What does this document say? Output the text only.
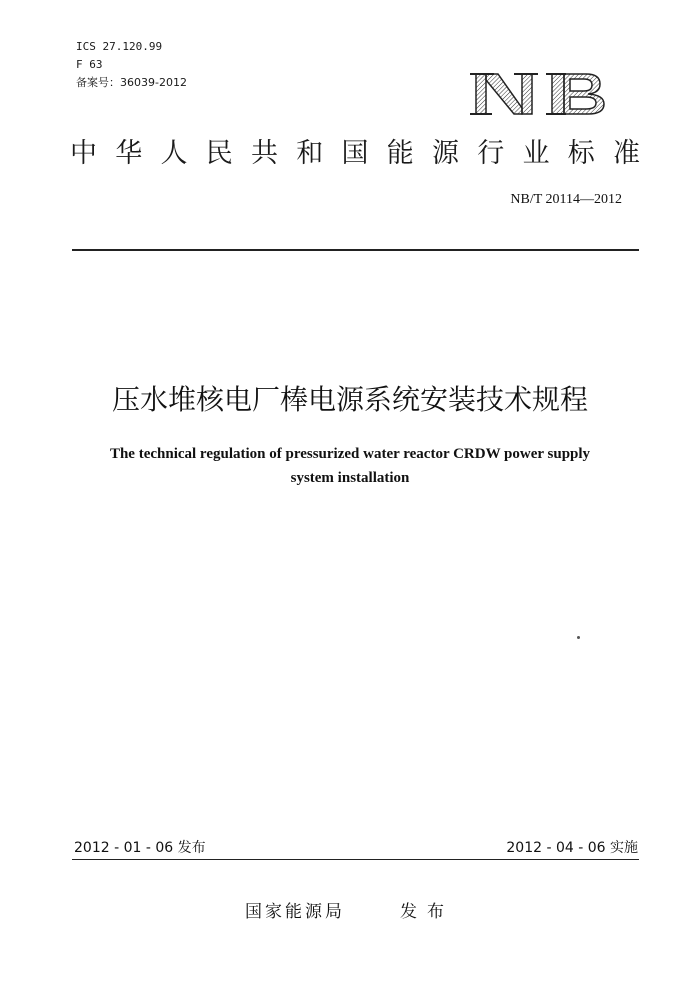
ICS 27.120.99
F 63
备案号：36039-2012
中 华 人 民 共 和 国 能 源 行 业 标 准
NB/T 20114—2012
压水堆核电厂棒电源系统安装技术规程
The technical regulation of pressurized water reactor CRDW power supply
system installation
2012 - 01 - 06 发布	2012 - 04 - 06 实施
国家能源局	发布
